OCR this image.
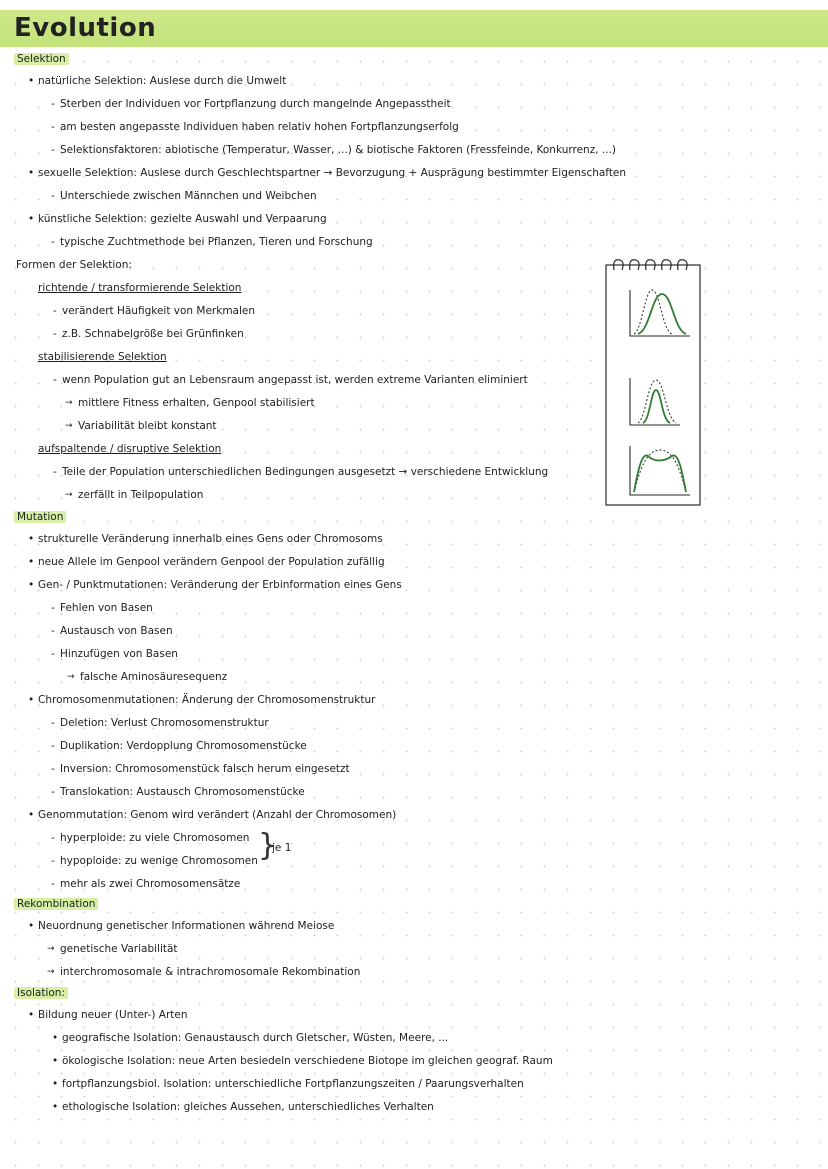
Evolution
Selektion
• natürliche Selektion: Auslese durch die Umwelt
- Sterben der Individuen vor Fortpflanzung durch mangelnde Angepasstheit
- am besten angepasste Individuen haben relativ hohen Fortpflanzungserfolg
- Selektionsfaktoren: abiotische (Temperatur, Wasser, ...) & biotische Faktoren (Fressfeinde, Konkurrenz, ...)
• sexuelle Selektion: Auslese durch Geschlechtspartner → Bevorzugung + Ausprägung bestimmter Eigenschaften
- Unterschiede zwischen Männchen und Weibchen
• künstliche Selektion: gezielte Auswahl und Verpaarung
- typische Zuchtmethode bei Pflanzen, Tieren und Forschung
Formen der Selektion:
richtende / transformierende Selektion
- verändert Häufigkeit von Merkmalen
- z.B. Schnabelgröße bei Grünfinken
stabilisierende Selektion
- wenn Population gut an Lebensraum angepasst ist, werden extreme Varianten eliminiert
→ mittlere Fitness erhalten, Genpool stabilisiert
→ Variabilität bleibt konstant
aufspaltende / disruptive Selektion
- Teile der Population unterschiedlichen Bedingungen ausgesetzt → verschiedene Entwicklung
→ zerfällt in Teilpopulation
Mutation
• strukturelle Veränderung innerhalb eines Gens oder Chromosoms
• neue Allele im Genpool verändern Genpool der Population zufällig
• Gen- / Punktmutationen: Veränderung der Erbinformation eines Gens
- Fehlen von Basen
- Austausch von Basen
- Hinzufügen von Basen
→ falsche Aminosäuresequenz
• Chromosomenmutationen: Änderung der Chromosomenstruktur
- Deletion: Verlust Chromosomenstruktur
- Duplikation: Verdopplung Chromosomenstücke
- Inversion: Chromosomenstück falsch herum eingesetzt
- Translokation: Austausch Chromosomenstücke
• Genommutation: Genom wird verändert (Anzahl der Chromosomen)
- hyperploide: zu viele Chromosomen
- hypoploide: zu wenige Chromosomen }
je 1
- mehr als zwei Chromosomensätze
Rekombination
• Neuordnung genetischer Informationen während Meiose
→ genetische Variabilität
→ interchromosomale & intrachromosomale Rekombination
Isolation:
• Bildung neuer (Unter-) Arten
• geografische Isolation: Genaustausch durch Gletscher, Wüsten, Meere, ...
• ökologische Isolation: neue Arten besiedeln verschiedene Biotope im gleichen geograf. Raum
• fortpflanzungsbiol. Isolation: unterschiedliche Fortpflanzungszeiten / Paarungsverhalten
• ethologische Isolation: gleiches Aussehen, unterschiedliches Verhalten
